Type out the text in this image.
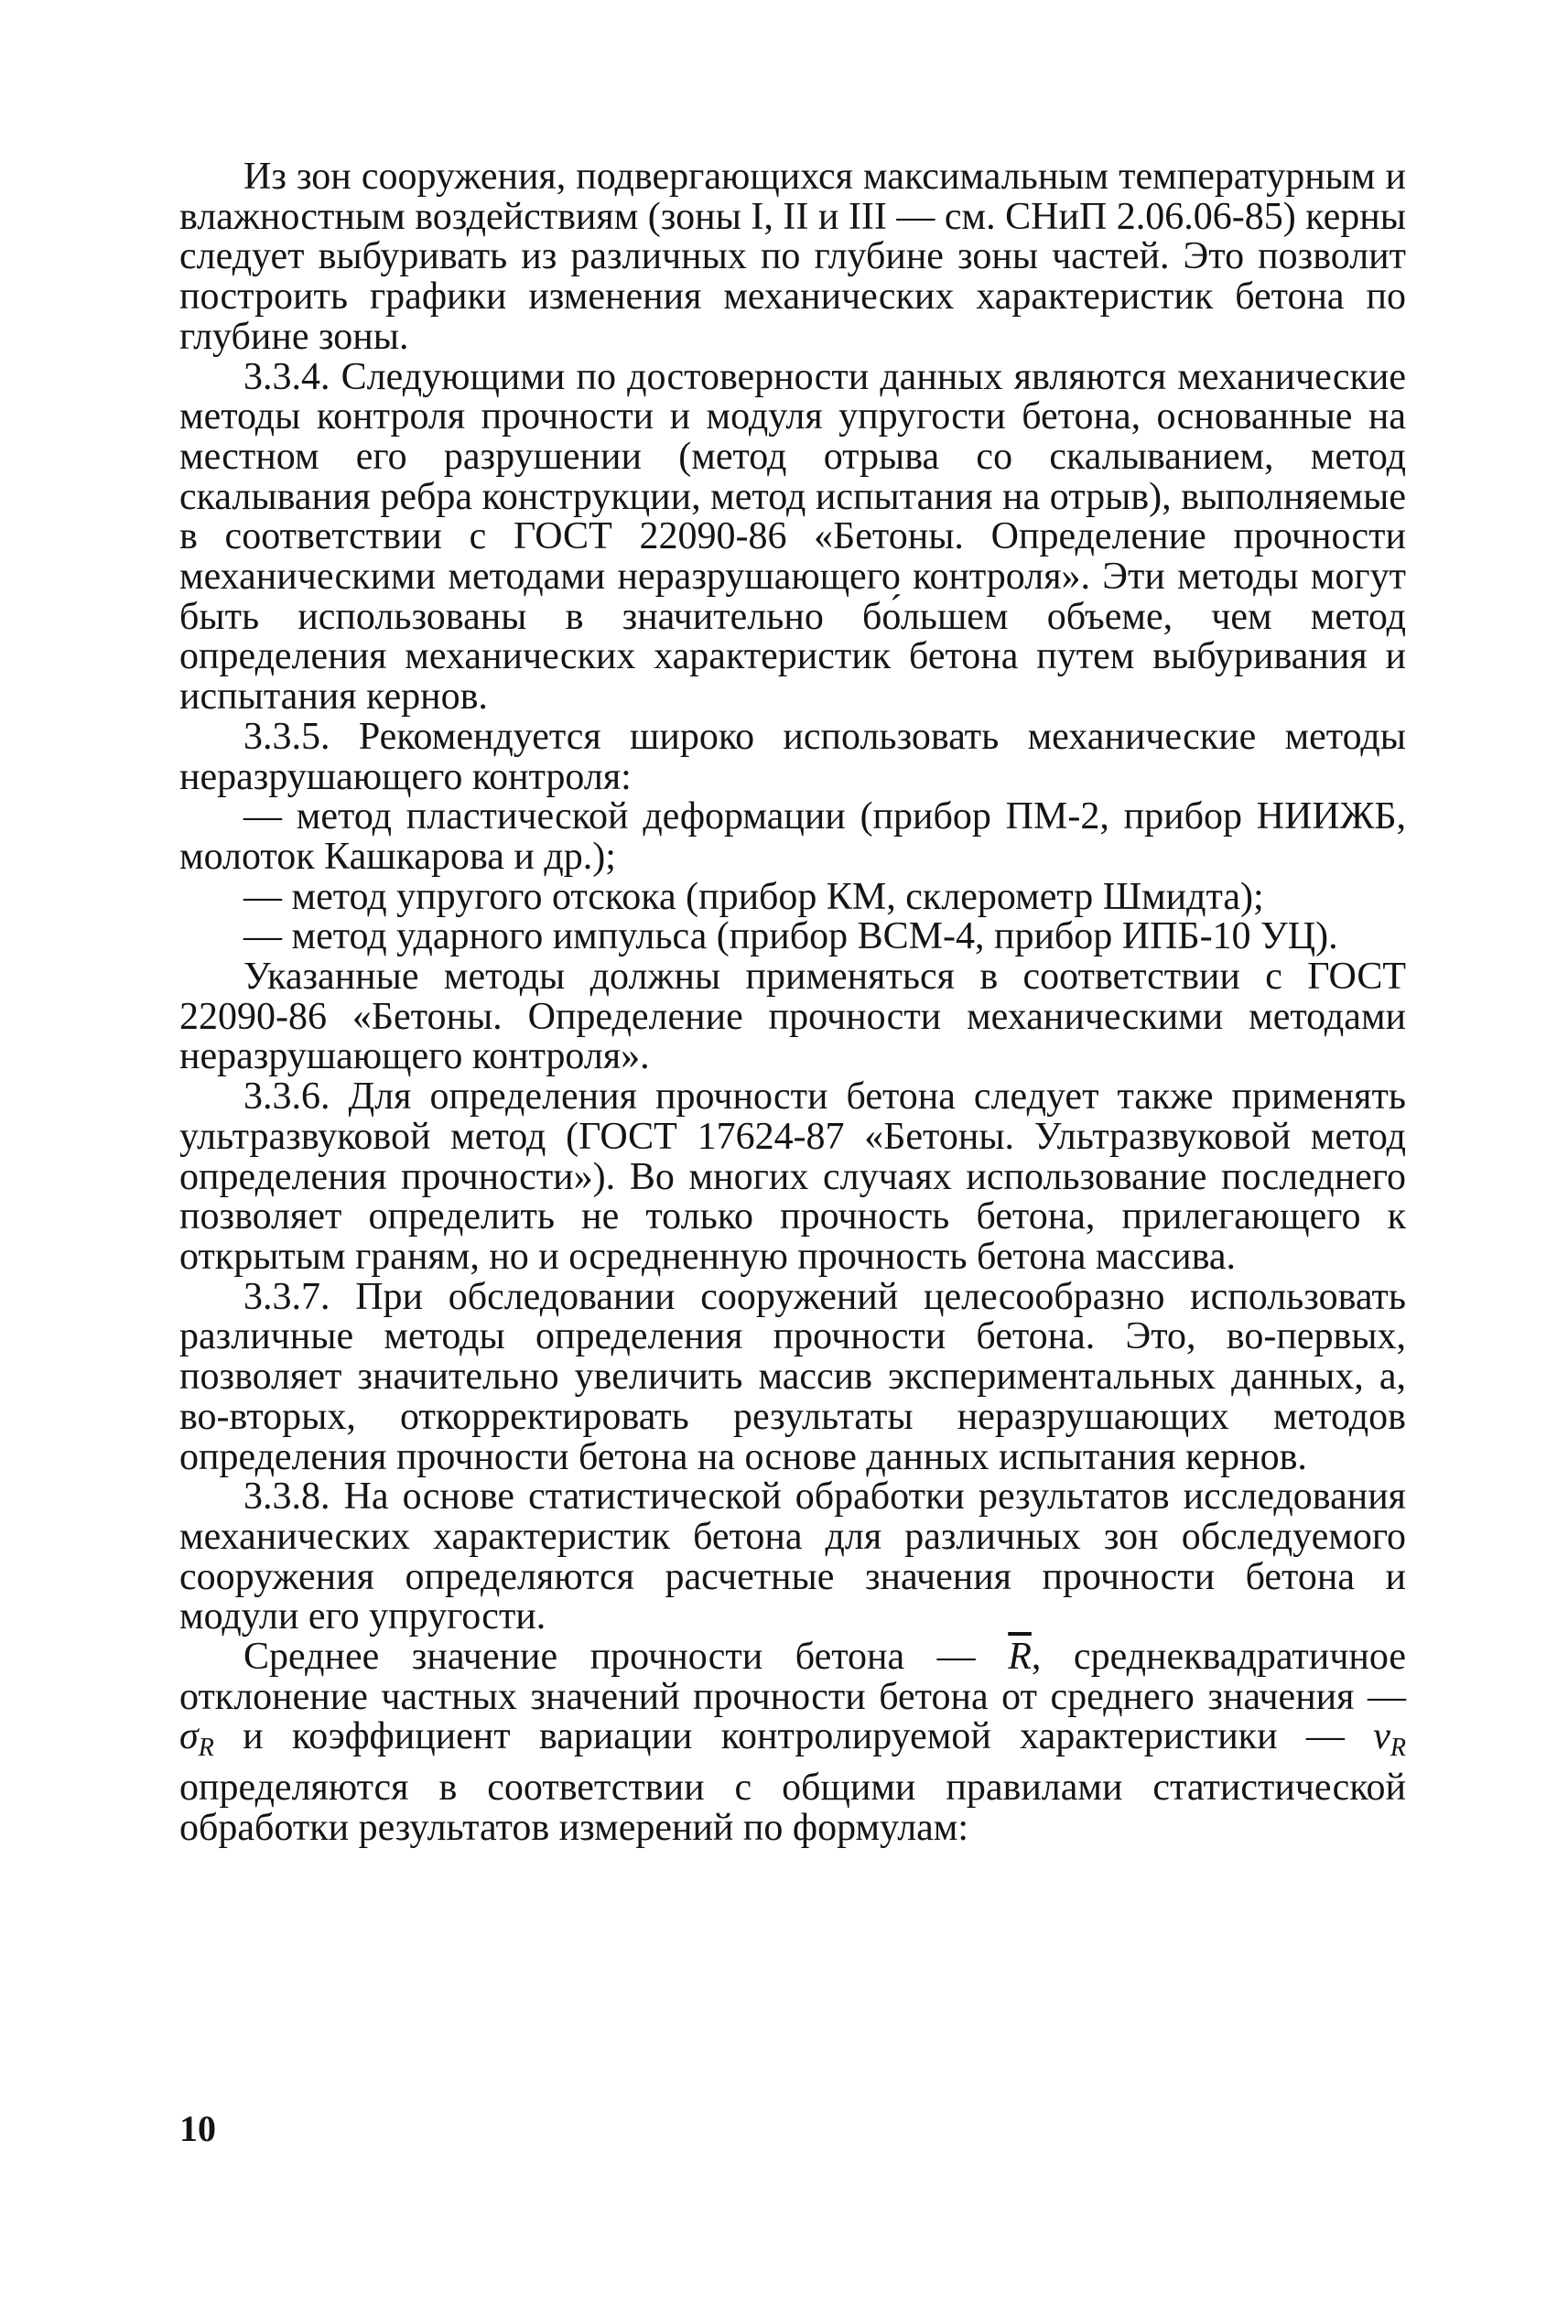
Из зон сооружения, подвергающихся максимальным температурным и влажностным воздействиям (зоны I, II и III — см. СНиП 2.06.06-85) керны следует выбуривать из различных по глубине зоны частей. Это позволит построить графики изменения механических характеристик бетона по глубине зоны.

3.3.4. Следующими по достоверности данных являются механические методы контроля прочности и модуля упругости бетона, основанные на местном его разрушении (метод отрыва со скалыванием, метод скалывания ребра конструкции, метод испытания на отрыв), выполняемые в соответствии с ГОСТ 22090-86 «Бетоны. Определение прочности механическими методами неразрушающего контроля». Эти методы могут быть использованы в значительно бо́льшем объеме, чем метод определения механических характеристик бетона путем выбуривания и испытания кернов.

3.3.5. Рекомендуется широко использовать механические методы неразрушающего контроля:

— метод пластической деформации (прибор ПМ-2, прибор НИИЖБ, молоток Кашкарова и др.);

— метод упругого отскока (прибор КМ, склерометр Шмидта);

— метод ударного импульса (прибор ВСМ-4, прибор ИПБ-10 УЦ).

Указанные методы должны применяться в соответствии с ГОСТ 22090-86 «Бетоны. Определение прочности механическими методами неразрушающего контроля».

3.3.6. Для определения прочности бетона следует также применять ультразвуковой метод (ГОСТ 17624-87 «Бетоны. Ультразвуковой метод определения прочности»). Во многих случаях использование последнего позволяет определить не только прочность бетона, прилегающего к открытым граням, но и осредненную прочность бетона массива.

3.3.7. При обследовании сооружений целесообразно использовать различные методы определения прочности бетона. Это, во-первых, позволяет значительно увеличить массив экспериментальных данных, а, во-вторых, откорректировать результаты неразрушающих методов определения прочности бетона на основе данных испытания кернов.

3.3.8. На основе статистической обработки результатов исследования механических характеристик бетона для различных зон обследуемого сооружения определяются расчетные значения прочности бетона и модули его упругости.

Среднее значение прочности бетона — $\overline{R}$, среднеквадратичное отклонение частных значений прочности бетона от среднего значения — $\sigma_R$ и коэффициент вариации контролируемой характеристики — $v_R$ определяются в соответствии с общими правилами статистической обработки результатов измерений по формулам:

10
